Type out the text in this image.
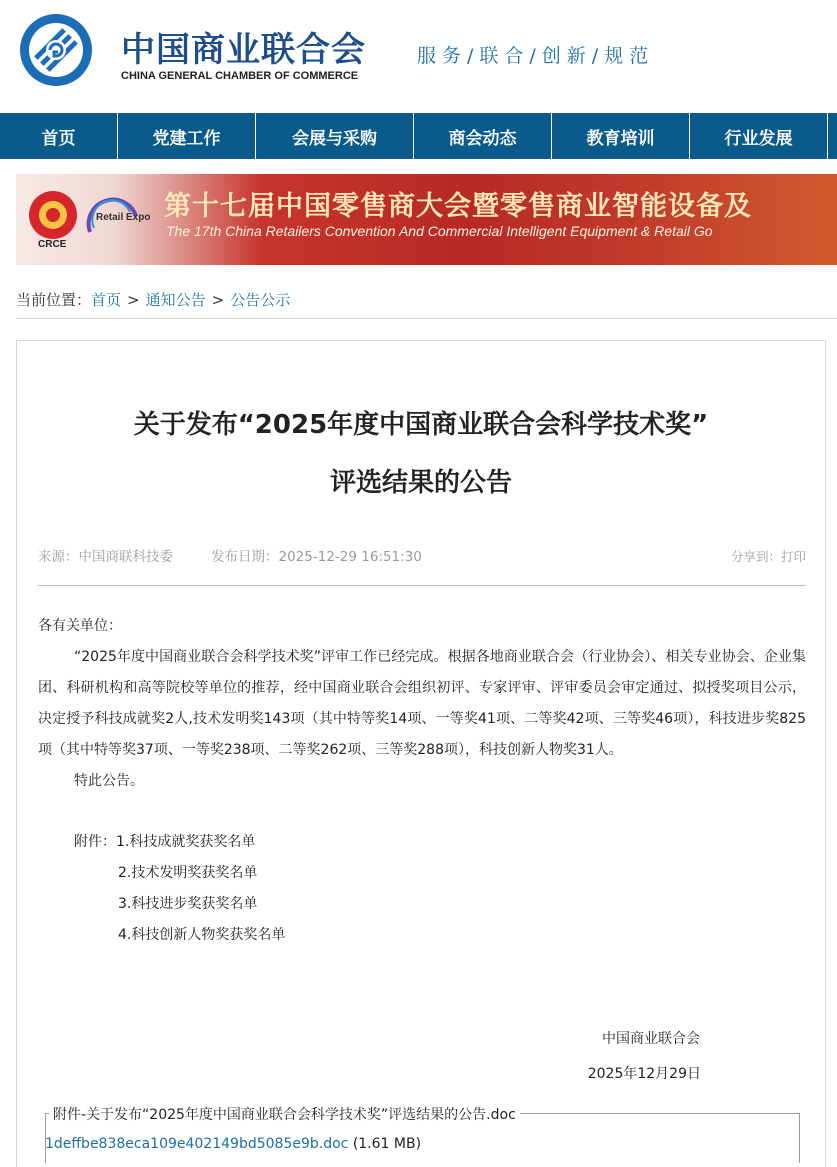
中国商业联合会
CHINA GENERAL CHAMBER OF COMMERCE
服务/联合/创新/规范
首页	党建工作	会展与采购	商会动态	教育培训	行业发展
CRCE
Retail Expo 第十七届中国零售商大会暨零售商业智能设备及
The 17th China Retailers Convention And Commercial Intelligent Equipment & Retail Go
当前位置：首页 > 通知公告 > 公告公示
关于发布“2025年度中国商业联合会科学技术奖”
评选结果的公告
来源：中国商联科技委	发布日期：2025-12-29 16:51:30	分享到：打印
各有关单位：
“2025年度中国商业联合会科学技术奖”评审工作已经完成。根据各地商业联合会（行业协会）、相关专业协会、企业集团、科研机构和高等院校等单位的推荐，经中国商业联合会组织初评、专家评审、评审委员会审定通过、拟授奖项目公示，决定授予科技成就奖2人,技术发明奖143项（其中特等奖14项、一等奖41项、二等奖42项、三等奖46项），科技进步奖825项（其中特等奖37项、一等奖238项、二等奖262项、三等奖288项），科技创新人物奖31人。
特此公告。
附件：1.科技成就奖获奖名单
2.技术发明奖获奖名单
3.科技进步奖获奖名单
4.科技创新人物奖获奖名单
中国商业联合会
2025年12月29日
附件-关于发布“2025年度中国商业联合会科学技术奖”评选结果的公告.doc
1deffbe838eca109e402149bd5085e9b.doc (1.61 MB)
